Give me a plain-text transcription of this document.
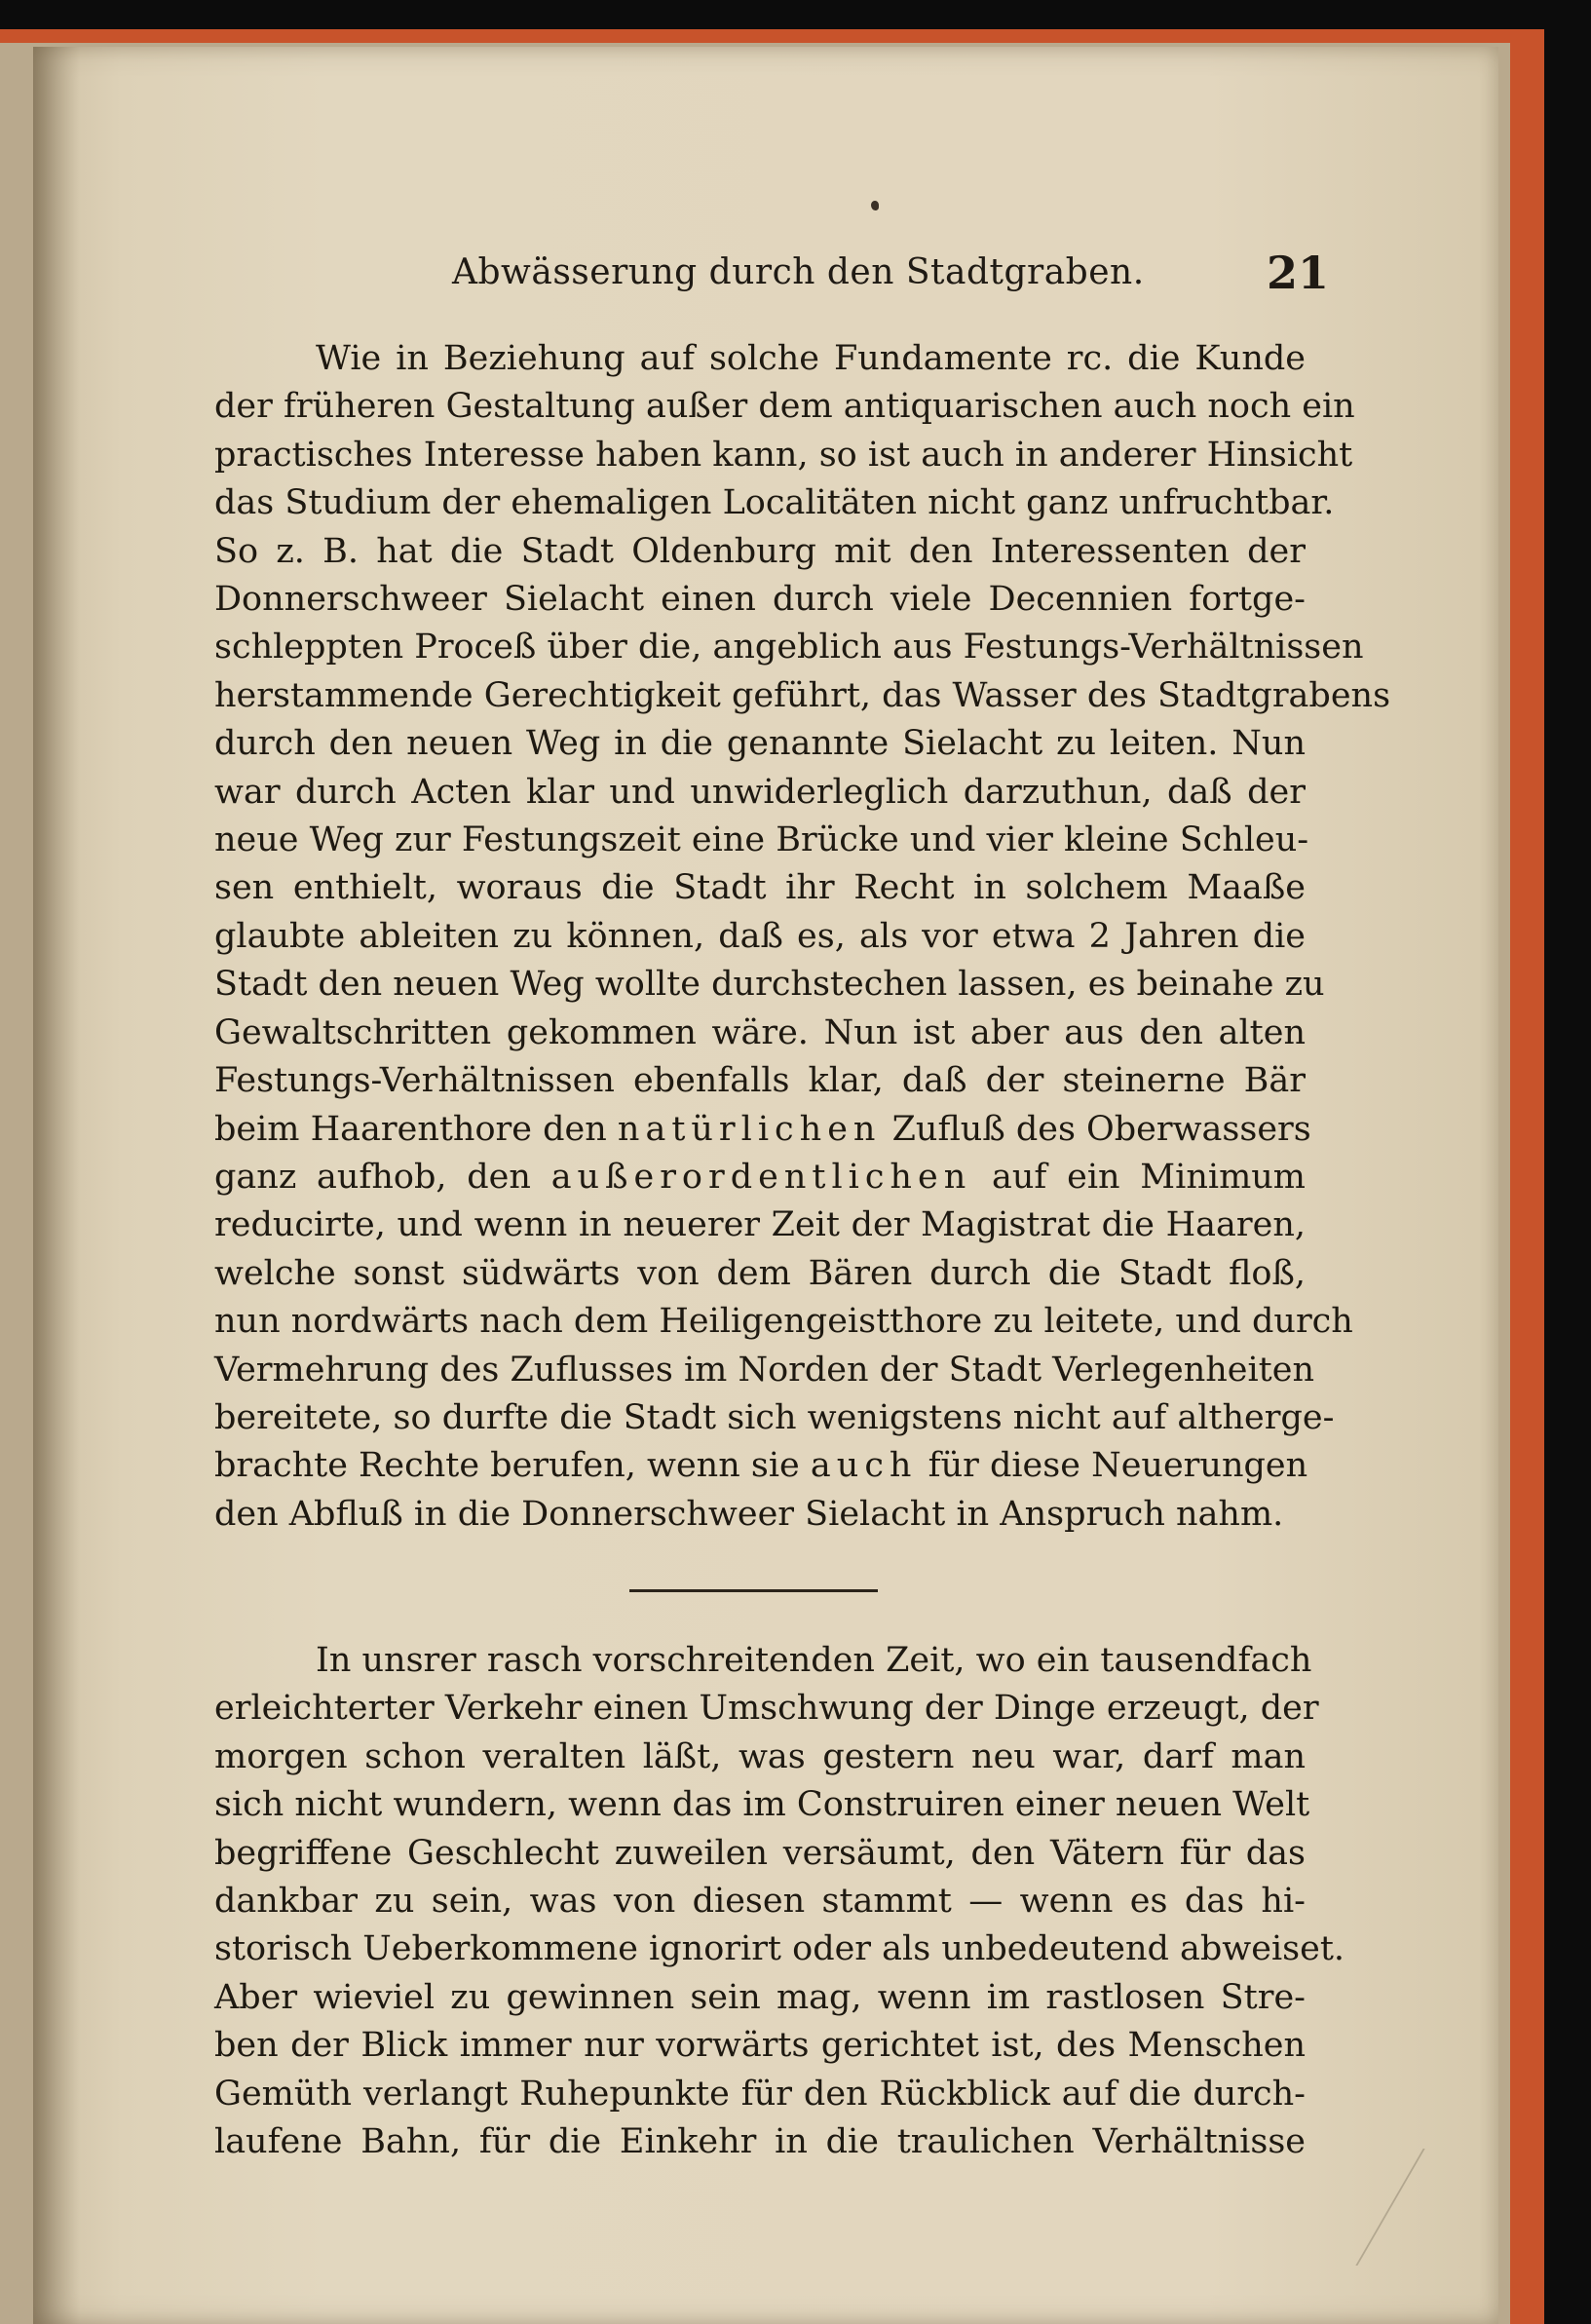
Abwässerung durch den Stadtgraben.	21

Wie in Beziehung auf solche Fundamente rc. die Kunde
der früheren Gestaltung außer dem antiquarischen auch noch ein
practisches Interesse haben kann, so ist auch in anderer Hinsicht
das Studium der ehemaligen Localitäten nicht ganz unfruchtbar.
So z. B. hat die Stadt Oldenburg mit den Interessenten der
Donnerschweer Sielacht einen durch viele Decennien fortge-
schleppten Proceß über die, angeblich aus Festungs-Verhältnissen
herstammende Gerechtigkeit geführt, das Wasser des Stadtgrabens
durch den neuen Weg in die genannte Sielacht zu leiten. Nun
war durch Acten klar und unwiderleglich darzuthun, daß der
neue Weg zur Festungszeit eine Brücke und vier kleine Schleu-
sen enthielt, woraus die Stadt ihr Recht in solchem Maaße
glaubte ableiten zu können, daß es, als vor etwa 2 Jahren die
Stadt den neuen Weg wollte durchstechen lassen, es beinahe zu
Gewaltschritten gekommen wäre. Nun ist aber aus den alten
Festungs-Verhältnissen ebenfalls klar, daß der steinerne Bär
beim Haarenthore den natürlichen Zufluß des Oberwassers
ganz aufhob, den außerordentlichen auf ein Minimum
reducirte, und wenn in neuerer Zeit der Magistrat die Haaren,
welche sonst südwärts von dem Bären durch die Stadt floß,
nun nordwärts nach dem Heiligengeistthore zu leitete, und durch
Vermehrung des Zuflusses im Norden der Stadt Verlegenheiten
bereitete, so durfte die Stadt sich wenigstens nicht auf altherge-
brachte Rechte berufen, wenn sie auch für diese Neuerungen
den Abfluß in die Donnerschweer Sielacht in Anspruch nahm.

In unsrer rasch vorschreitenden Zeit, wo ein tausendfach
erleichterter Verkehr einen Umschwung der Dinge erzeugt, der
morgen schon veralten läßt, was gestern neu war, darf man
sich nicht wundern, wenn das im Construiren einer neuen Welt
begriffene Geschlecht zuweilen versäumt, den Vätern für das
dankbar zu sein, was von diesen stammt — wenn es das hi-
storisch Ueberkommene ignorirt oder als unbedeutend abweiset.
Aber wieviel zu gewinnen sein mag, wenn im rastlosen Stre-
ben der Blick immer nur vorwärts gerichtet ist, des Menschen
Gemüth verlangt Ruhepunkte für den Rückblick auf die durch-
laufene Bahn, für die Einkehr in die traulichen Verhältnisse
